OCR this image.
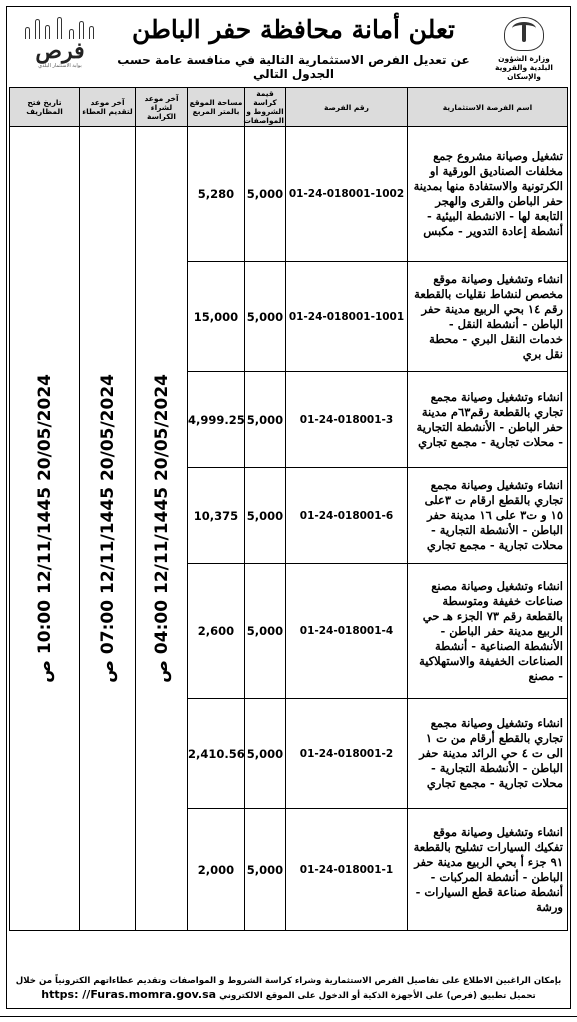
وزارة الشؤون البلدية والقروية والإسكان
تعلن أمانة محافظة حفر الباطن
عن تعديل الفرص الاستثمارية التالية في منافسة عامة حسب الجدول التالي
فرص
بوابة الاستثمار البلدي
اسم الفرصة الاستثمارية	رقم الفرصة	قيمة كراسة الشروط و المواصفات	مساحة الموقع بالمتر المربع	آخر موعد لشراء الكراسة	آخر موعد لتقديم العطاء	تاريخ فتح المظاريف
تشغيل وصيانة مشروع جمع مخلفات الصناديق الورقية او الكرتونية والاستفادة منها بمدينة حفر الباطن والقرى والهجر التابعة لها - الانشطة البيئية - أنشطة إعادة التدوير - مكبس	01-24-018001-1002	5,000	5,280	20/05/2024 12/11/1445 04:00 ص	20/05/2024 12/11/1445 07:00 ص	20/05/2024 12/11/1445 10:00 ص

انشاء وتشغيل وصيانة موقع مخصص لنشاط نقليات بالقطعة رقم ١٤ بحي الربيع مدينة حفر الباطن - أنشطة النقل - خدمات النقل البري - محطة نقل بري	01-24-018001-1001	5,000	15,000			
انشاء وتشغيل وصيانة مجمع تجاري بالقطعة رقم٦٣م مدينة حفر الباطن - الأنشطة التجارية - محلات تجارية - مجمع تجاري	01-24-018001-3	5,000	4,999.25			
انشاء وتشغيل وصيانة مجمع تجاري بالقطع ارقام ت ٣على ١٥ و ت٣ على ١٦ مدينة حفر الباطن - الأنشطة التجارية - محلات تجارية - مجمع تجاري	01-24-018001-6	5,000	10,375			
انشاء وتشغيل وصيانة مصنع صناعات خفيفة ومتوسطة بالقطعة رقم ٧٣ الجزء هـ حي الربيع مدينة حفر الباطن - الأنشطة الصناعية - أنشطة الصناعات الخفيفة والاستهلاكية - مصنع	01-24-018001-4	5,000	2,600			
انشاء وتشغيل وصيانة مجمع تجاري بالقطع أرقام من ت ١ الى ت ٤ حي الرائد مدينة حفر الباطن - الأنشطة التجارية - محلات تجارية - مجمع تجاري	01-24-018001-2	5,000	2,410.56			
انشاء وتشغيل وصيانة موقع تفكيك السيارات تشليح بالقطعة ٩١ جزء أ بحي الربيع مدينة حفر الباطن - أنشطة المركبات - أنشطة صناعة قطع السيارات - ورشة	01-24-018001-1	5,000	2,000			
بإمكان الراغبين الاطلاع على تفاصيل الفرص الاستثمارية وشراء كراسة الشروط و المواصفات وتقديم عطاءاتهم الكترونياً من خلال
تحميل تطبيق (فرص) على الأجهزة الذكية أو الدخول على الموقع الالكتروني https: //Furas.momra.gov.sa
